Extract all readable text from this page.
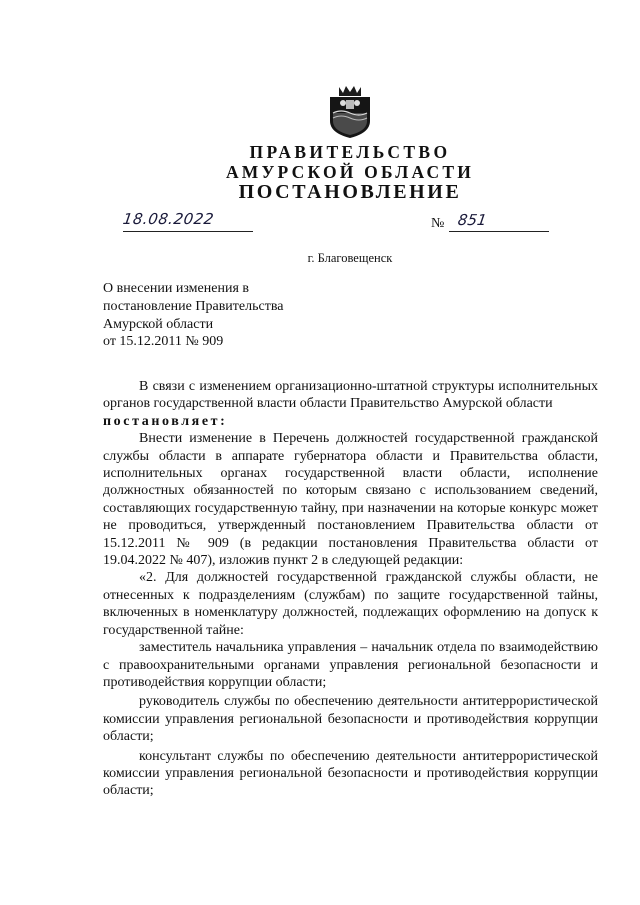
ПРАВИТЕЛЬСТВО
АМУРСКОЙ ОБЛАСТИ
ПОСТАНОВЛЕНИЕ
18.08.2022	№ 851
г. Благовещенск
О внесении изменения в
постановление Правительства
Амурской области
от 15.12.2011 № 909

В связи с изменением организационно-штатной структуры исполнительных органов государственной власти области Правительство Амурской области

постановляет:

Внести изменение в Перечень должностей государственной гражданской службы области в аппарате губернатора области и Правительства области, исполнительных органах государственной власти области, исполнение должностных обязанностей по которым связано с использованием сведений, составляющих государственную тайну, при назначении на которые конкурс может не проводиться, утвержденный постановлением Правительства области от 15.12.2011 № 909 (в редакции постановления Правительства области от 19.04.2022 № 407), изложив пункт 2 в следующей редакции:

«2. Для должностей государственной гражданской службы области, не отнесенных к подразделениям (службам) по защите государственной тайны, включенных в номенклатуру должностей, подлежащих оформлению на допуск к государственной тайне:

заместитель начальника управления – начальник отдела по взаимодействию с правоохранительными органами управления региональной безопасности и противодействия коррупции области;

руководитель службы по обеспечению деятельности антитеррористической комиссии управления региональной безопасности и противодействия коррупции области;

консультант службы по обеспечению деятельности антитеррористической комиссии управления региональной безопасности и противодействия коррупции области;
